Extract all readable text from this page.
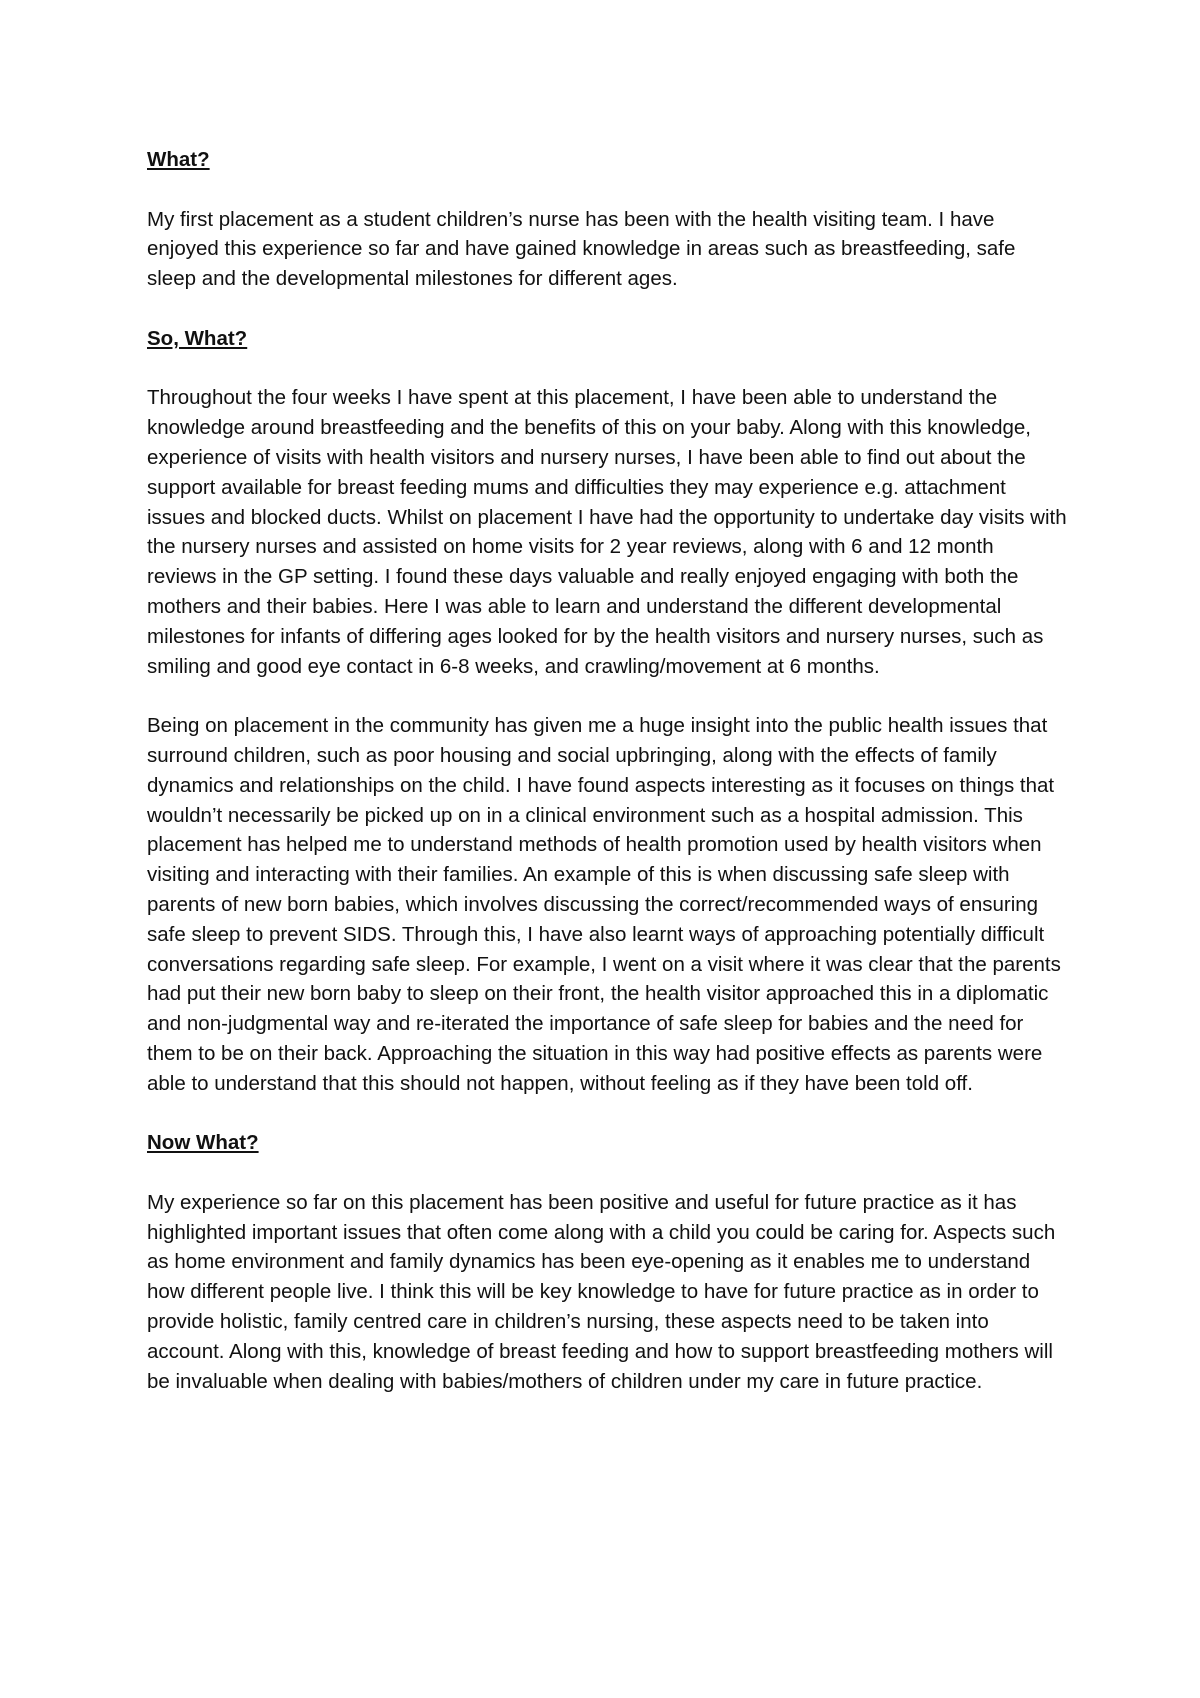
What?

My first placement as a student children’s nurse has been with the health visiting team. I have enjoyed this experience so far and have gained knowledge in areas such as breastfeeding, safe sleep and the developmental milestones for different ages.

So, What?

Throughout the four weeks I have spent at this placement, I have been able to understand the knowledge around breastfeeding and the benefits of this on your baby. Along with this knowledge, experience of visits with health visitors and nursery nurses, I have been able to find out about the support available for breast feeding mums and difficulties they may experience e.g. attachment issues and blocked ducts. Whilst on placement I have had the opportunity to undertake day visits with the nursery nurses and assisted on home visits for 2 year reviews, along with 6 and 12 month reviews in the GP setting. I found these days valuable and really enjoyed engaging with both the mothers and their babies. Here I was able to learn and understand the different developmental milestones for infants of differing ages looked for by the health visitors and nursery nurses, such as smiling and good eye contact in 6-8 weeks, and crawling/movement at 6 months.

Being on placement in the community has given me a huge insight into the public health issues that surround children, such as poor housing and social upbringing, along with the effects of family dynamics and relationships on the child. I have found aspects interesting as it focuses on things that wouldn’t necessarily be picked up on in a clinical environment such as a hospital admission. This placement has helped me to understand methods of health promotion used by health visitors when visiting and interacting with their families. An example of this is when discussing safe sleep with parents of new born babies, which involves discussing the correct/recommended ways of ensuring safe sleep to prevent SIDS. Through this, I have also learnt ways of approaching potentially difficult conversations regarding safe sleep. For example, I went on a visit where it was clear that the parents had put their new born baby to sleep on their front, the health visitor approached this in a diplomatic and non-judgmental way and re-iterated the importance of safe sleep for babies and the need for them to be on their back. Approaching the situation in this way had positive effects as parents were able to understand that this should not happen, without feeling as if they have been told off.

Now What?

My experience so far on this placement has been positive and useful for future practice as it has highlighted important issues that often come along with a child you could be caring for. Aspects such as home environment and family dynamics has been eye-opening as it enables me to understand how different people live. I think this will be key knowledge to have for future practice as in order to provide holistic, family centred care in children’s nursing, these aspects need to be taken into account. Along with this, knowledge of breast feeding and how to support breastfeeding mothers will be invaluable when dealing with babies/mothers of children under my care in future practice.
